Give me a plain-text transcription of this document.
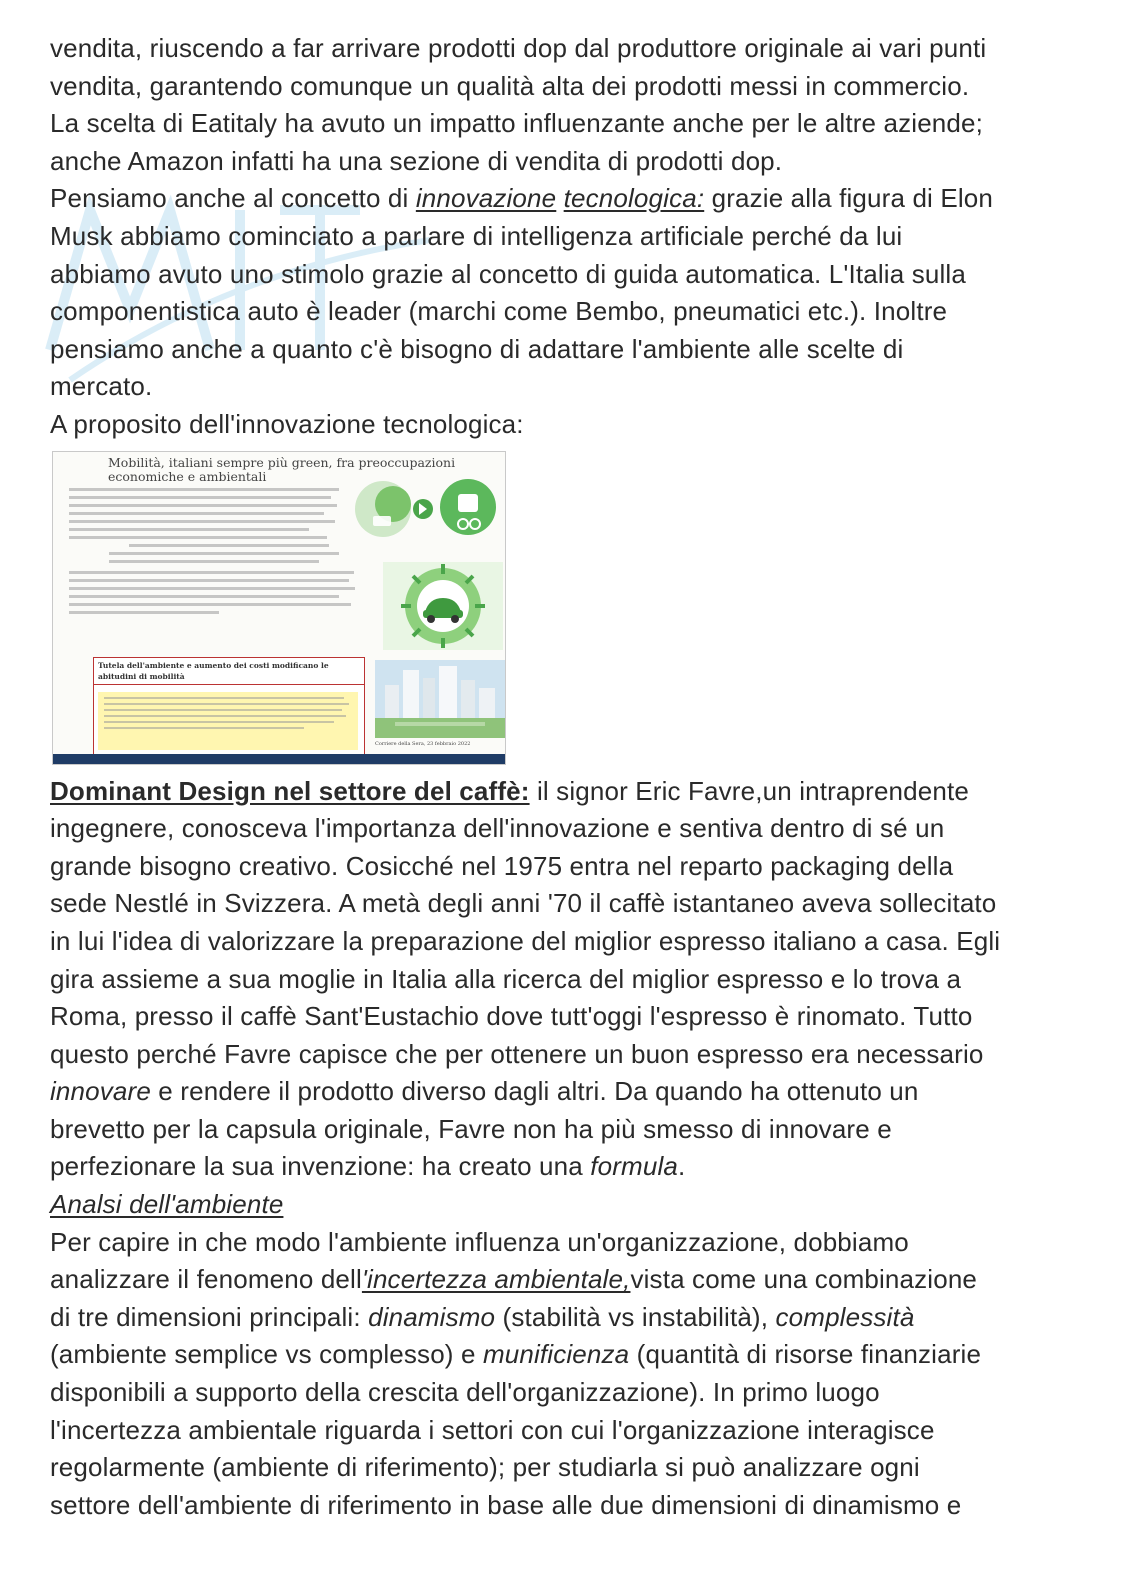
vendita, riuscendo a far arrivare prodotti dop dal produttore originale ai vari punti
vendita, garantendo comunque un qualità alta dei prodotti messi in commercio.
La scelta di Eatitaly ha avuto un impatto influenzante anche per le altre aziende;
anche Amazon infatti ha una sezione di vendita di prodotti dop.
Pensiamo anche al concetto di innovazione tecnologica: grazie alla figura di Elon
Musk abbiamo cominciato a parlare di intelligenza artificiale perché da lui
abbiamo avuto uno stimolo grazie al concetto di guida automatica. L'Italia sulla
componentistica auto è leader (marchi come Bembo, pneumatici etc.). Inoltre
pensiamo anche a quanto c'è bisogno di adattare l'ambiente alle scelte di
mercato.
A proposito dell'innovazione tecnologica:
Mobilità, italiani sempre più green, fra preoccupazioni economiche e ambientali
Tutela dell'ambiente e aumento dei costi modificano le abitudini di mobilità
Corriere della Sera, 23 febbraio 2022
Dominant Design nel settore del caffè: il signor Eric Favre,un intraprendente
ingegnere, conosceva l'importanza dell'innovazione e sentiva dentro di sé un
grande bisogno creativo. Cosicché nel 1975 entra nel reparto packaging della
sede Nestlé in Svizzera. A metà degli anni '70 il caffè istantaneo aveva sollecitato
in lui l'idea di valorizzare la preparazione del miglior espresso italiano a casa. Egli
gira assieme a sua moglie in Italia alla ricerca del miglior espresso e lo trova a
Roma, presso il caffè Sant'Eustachio dove tutt'oggi l'espresso è rinomato. Tutto
questo perché Favre capisce che per ottenere un buon espresso era necessario
innovare e rendere il prodotto diverso dagli altri. Da quando ha ottenuto un
brevetto per la capsula originale, Favre non ha più smesso di innovare e
perfezionare la sua invenzione: ha creato una formula.
Analsi dell'ambiente
Per capire in che modo l'ambiente influenza un'organizzazione, dobbiamo
analizzare il fenomeno dell'incertezza ambientale,vista come una combinazione
di tre dimensioni principali: dinamismo (stabilità vs instabilità), complessità
(ambiente semplice vs complesso) e munificienza (quantità di risorse finanziarie
disponibili a supporto della crescita dell'organizzazione). In primo luogo
l'incertezza ambientale riguarda i settori con cui l'organizzazione interagisce
regolarmente (ambiente di riferimento); per studiarla si può analizzare ogni
settore dell'ambiente di riferimento in base alle due dimensioni di dinamismo e
